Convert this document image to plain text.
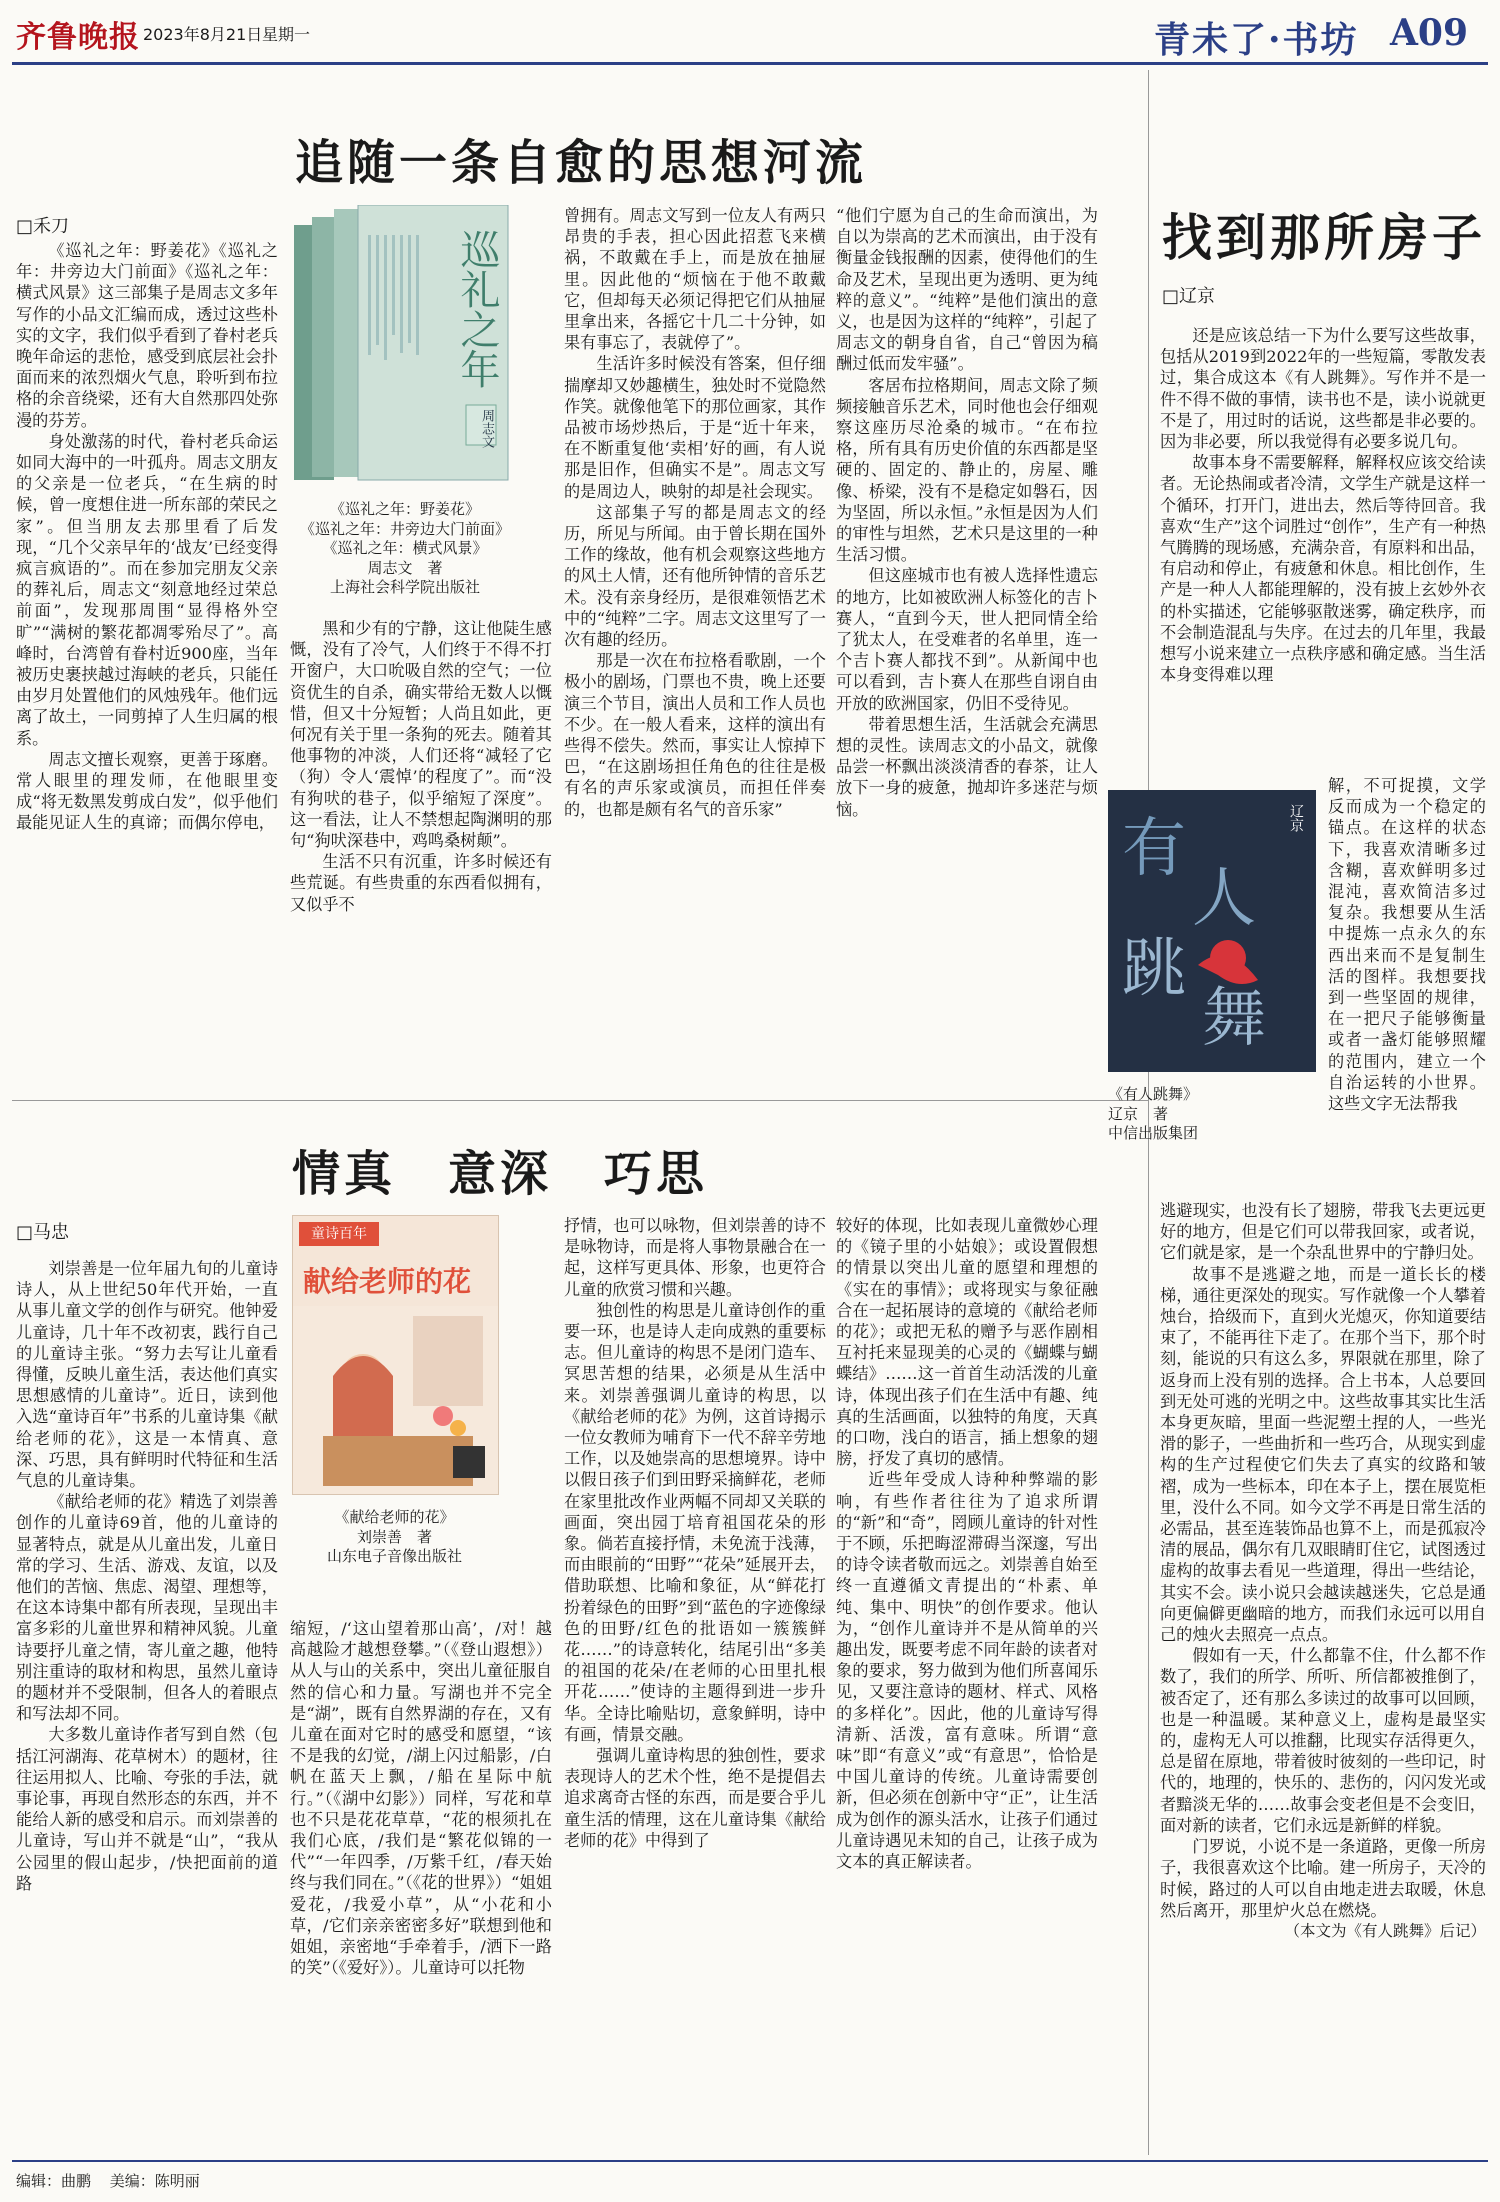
齐鲁晚报 2023年8月21日 星期一	青未了·书坊 A09
追随一条自愈的思想河流
□禾刀

《巡礼之年：野姜花》《巡礼之年：井旁边大门前面》《巡礼之年：横式风景》这三部集子是周志文多年写作的小品文汇编而成，透过这些朴实的文字，我们似乎看到了眷村老兵晚年命运的悲怆，感受到底层社会扑面而来的浓烈烟火气息，聆听到布拉格的余音绕梁，还有大自然那四处弥漫的芬芳。

身处激荡的时代，眷村老兵命运如同大海中的一叶孤舟。周志文朋友的父亲是一位老兵，“在生病的时候，曾一度想住进一所东部的荣民之家”。但当朋友去那里看了后发现，“几个父亲早年的‘战友’已经变得疯言疯语的”。而在参加完朋友父亲的葬礼后，周志文“刻意地经过荣总前面”，发现那周围“显得格外空旷”“满树的繁花都凋零殆尽了”。高峰时，台湾曾有眷村近900座，当年被历史裹挟越过海峡的老兵，只能任由岁月处置他们的风烛残年。他们远离了故土，一同剪掉了人生归属的根系。

周志文擅长观察，更善于琢磨。常人眼里的理发师，在他眼里变成“将无数黑发剪成白发”，似乎他们最能见证人生的真谛；而偶尔停电，

巡礼之年
周志文
《巡礼之年：野姜花》
《巡礼之年：井旁边大门前面》
《巡礼之年：横式风景》
周志文　著
上海社会科学院出版社

黑和少有的宁静，这让他陡生感慨，没有了冷气，人们终于不得不打开窗户，大口吮吸自然的空气；一位资优生的自杀，确实带给无数人以慨惜，但又十分短暂；人尚且如此，更何况有关于里一条狗的死去。随着其他事物的冲淡，人们还将“减轻了它（狗）令人‘震悼’的程度了”。而“没有狗吠的巷子，似乎缩短了深度”。这一看法，让人不禁想起陶渊明的那句“狗吠深巷中，鸡鸣桑树颠”。

生活不只有沉重，许多时候还有些荒诞。有些贵重的东西看似拥有，又似乎不

曾拥有。周志文写到一位友人有两只昂贵的手表，担心因此招惹飞来横祸，不敢戴在手上，而是放在抽屉里。因此他的“烦恼在于他不敢戴它，但却每天必须记得把它们从抽屉里拿出来，各摇它十几二十分钟，如果有事忘了，表就停了”。

生活许多时候没有答案，但仔细揣摩却又妙趣横生，独处时不觉隐然作笑。就像他笔下的那位画家，其作品被市场炒热后，于是“近十年来，在不断重复他‘卖相’好的画，有人说那是旧作，但确实不是”。周志文写的是周边人，映射的却是社会现实。

这部集子写的都是周志文的经历，所见与所闻。由于曾长期在国外工作的缘故，他有机会观察这些地方的风土人情，还有他所钟情的音乐艺术。没有亲身经历，是很难领悟艺术中的“纯粹”二字。周志文这里写了一次有趣的经历。

那是一次在布拉格看歌剧，一个极小的剧场，门票也不贵，晚上还要演三个节目，演出人员和工作人员也不少。在一般人看来，这样的演出有些得不偿失。然而，事实让人惊掉下巴，“在这剧场担任角色的往往是极有名的声乐家或演员，而担任伴奏的，也都是颇有名气的音乐家”

“他们宁愿为自己的生命而演出，为自以为崇高的艺术而演出，由于没有衡量金钱报酬的因素，使得他们的生命及艺术，呈现出更为透明、更为纯粹的意义”。“纯粹”是他们演出的意义，也是因为这样的“纯粹”，引起了周志文的朝身自省，自己“曾因为稿酬过低而发牢骚”。

客居布拉格期间，周志文除了频频接触音乐艺术，同时他也会仔细观察这座历尽沧桑的城市。“在布拉格，所有具有历史价值的东西都是坚硬的、固定的、静止的，房屋、雕像、桥梁，没有不是稳定如磐石，因为坚固，所以永恒。”永恒是因为人们的审性与坦然，艺术只是这里的一种生活习惯。

但这座城市也有被人选择性遗忘的地方，比如被欧洲人标签化的吉卜赛人，“直到今天，世人把同情全给了犹太人，在受难者的名单里，连一个吉卜赛人都找不到”。从新闻中也可以看到，吉卜赛人在那些自诩自由开放的欧洲国家，仍旧不受待见。

带着思想生活，生活就会充满思想的灵性。读周志文的小品文，就像品尝一杯飘出淡淡清香的春茶，让人放下一身的疲惫，抛却许多迷茫与烦恼。

情真　意深　巧思
□马忠

刘崇善是一位年届九旬的儿童诗诗人，从上世纪50年代开始，一直从事儿童文学的创作与研究。他钟爱儿童诗，几十年不改初衷，践行自己的儿童诗主张。“努力去写让儿童看得懂，反映儿童生活，表达他们真实思想感情的儿童诗”。近日，读到他入选“童诗百年”书系的儿童诗集《献给老师的花》，这是一本情真、意深、巧思，具有鲜明时代特征和生活气息的儿童诗集。

《献给老师的花》精选了刘崇善创作的儿童诗69首，他的儿童诗的显著特点，就是从儿童出发，儿童日常的学习、生活、游戏、友谊，以及他们的苦恼、焦虑、渴望、理想等，在这本诗集中都有所表现，呈现出丰富多彩的儿童世界和精神风貌。儿童诗要抒儿童之情，寄儿童之趣，他特别注重诗的取材和构思，虽然儿童诗的题材并不受限制，但各人的着眼点和写法却不同。

大多数儿童诗作者写到自然（包括江河湖海、花草树木）的题材，往往运用拟人、比喻、夸张的手法，就事论事，再现自然形态的东西，并不能给人新的感受和启示。而刘崇善的儿童诗，写山并不就是“山”，“我从公园里的假山起步，/快把面前的道路

童诗百年
献给老师的花
《献给老师的花》
刘崇善　著
山东电子音像出版社

缩短，/‘这山望着那山高’，/对！越高越险才越想登攀。”（《登山遐想》）从人与山的关系中，突出儿童征服自然的信心和力量。写湖也并不完全是“湖”，既有自然界湖的存在，又有儿童在面对它时的感受和愿望，“该不是我的幻觉，/湖上闪过船影，/白帆在蓝天上飘，/船在星际中航行。”（《湖中幻影》）同样，写花和草也不只是花花草草，“花的根须扎在我们心底，/我们是“繁花似锦的一代”“一年四季，/万紫千红，/春天始终与我们同在。”（《花的世界》）“姐姐爱花，/我爱小草”，从“小花和小草，/它们亲亲密密多好”联想到他和姐姐，亲密地“手牵着手，/洒下一路的笑”（《爱好》）。儿童诗可以托物

抒情，也可以咏物，但刘崇善的诗不是咏物诗，而是将人事物景融合在一起，这样写更具体、形象，也更符合儿童的欣赏习惯和兴趣。

独创性的构思是儿童诗创作的重要一环，也是诗人走向成熟的重要标志。但儿童诗的构思不是闭门造车、冥思苦想的结果，必须是从生活中来。刘崇善强调儿童诗的构思，以《献给老师的花》为例，这首诗揭示一位女教师为哺育下一代不辞辛劳地工作，以及她崇高的思想境界。诗中以假日孩子们到田野采摘鲜花，老师在家里批改作业两幅不同却又关联的画面，突出园丁培育祖国花朵的形象。倘若直接抒情，未免流于浅薄，而由眼前的“田野”“花朵”延展开去，借助联想、比喻和象征，从“鲜花打扮着绿色的田野”到“蓝色的字迹像绿色的田野/红色的批语如一簇簇鲜花……”的诗意转化，结尾引出“多美的祖国的花朵/在老师的心田里扎根开花……”使诗的主题得到进一步升华。全诗比喻贴切，意象鲜明，诗中有画，情景交融。

强调儿童诗构思的独创性，要求表现诗人的艺术个性，绝不是提倡去追求离奇古怪的东西，而是要合乎儿童生活的情理，这在儿童诗集《献给老师的花》中得到了

较好的体现，比如表现儿童微妙心理的《镜子里的小姑娘》；或设置假想的情景以突出儿童的愿望和理想的《实在的事情》；或将现实与象征融合在一起拓展诗的意境的《献给老师的花》；或把无私的赠予与恶作剧相互衬托来显现美的心灵的《蝴蝶与蝴蝶结》……这一首首生动活泼的儿童诗，体现出孩子们在生活中有趣、纯真的生活画面，以独特的角度，天真的口吻，浅白的语言，插上想象的翅膀，抒发了真切的感情。

近些年受成人诗种种弊端的影响，有些作者往往为了追求所谓的“新”和“奇”，罔顾儿童诗的针对性于不顾，乐把晦涩滞碍当深邃，写出的诗令读者敬而远之。刘崇善自始至终一直遵循文青提出的“朴素、单纯、集中、明快”的创作要求。他认为，“创作儿童诗并不是从简单的兴趣出发，既要考虑不同年龄的读者对象的要求，努力做到为他们所喜闻乐见，又要注意诗的题材、样式、风格的多样化”。因此，他的儿童诗写得清新、活泼，富有意味。所谓“意味”即“有意义”或“有意思”，恰恰是中国儿童诗的传统。儿童诗需要创新，但必须在创新中守“正”，让生活成为创作的源头活水，让孩子们通过儿童诗遇见未知的自己，让孩子成为文本的真正解读者。

找到那所房子
□辽京

还是应该总结一下为什么要写这些故事，包括从2019到2022年的一些短篇，零散发表过，集合成这本《有人跳舞》。写作并不是一件不得不做的事情，读书也不是，读小说就更不是了，用过时的话说，这些都是非必要的。因为非必要，所以我觉得有必要多说几句。

故事本身不需要解释，解释权应该交给读者。无论热闹或者冷清，文学生产就是这样一个循环，打开门，进出去，然后等待回音。我喜欢“生产”这个词胜过“创作”，生产有一种热气腾腾的现场感，充满杂音，有原料和出品，有启动和停止，有疲惫和休息。相比创作，生产是一种人人都能理解的，没有披上玄妙外衣的朴实描述，它能够驱散迷雾，确定秩序，而不会制造混乱与失序。在过去的几年里，我最想写小说来建立一点秩序感和确定感。当生活本身变得难以理

有
人
跳
舞
辽京
《有人跳舞》
辽京　著
中信出版集团

解，不可捉摸，文学反而成为一个稳定的锚点。在这样的状态下，我喜欢清晰多过含糊，喜欢鲜明多过混沌，喜欢简洁多过复杂。我想要从生活中提炼一点永久的东西出来而不是复制生活的图样。我想要找到一些坚固的规律，在一把尺子能够衡量或者一盏灯能够照耀的范围内，建立一个自治运转的小世界。这些文字无法帮我

逃避现实，也没有长了翅膀，带我飞去更远更好的地方，但是它们可以带我回家，或者说，它们就是家，是一个杂乱世界中的宁静归处。

故事不是逃避之地，而是一道长长的楼梯，通往更深处的现实。写作就像一个人攀着烛台，拾级而下，直到火光熄灭，你知道要结束了，不能再往下走了。在那个当下，那个时刻，能说的只有这么多，界限就在那里，除了返身而上没有别的选择。合上书本，人总要回到无处可逃的光明之中。这些故事其实比生活本身更灰暗，里面一些泥塑土捏的人，一些光滑的影子，一些曲折和一些巧合，从现实到虚构的生产过程使它们失去了真实的纹路和皱褶，成为一些标本，印在本子上，摆在展览柜里，没什么不同。如今文学不再是日常生活的必需品，甚至连装饰品也算不上，而是孤寂冷清的展品，偶尔有几双眼睛盯住它，试图透过虚构的故事去看见一些道理，得出一些结论，其实不会。读小说只会越读越迷失，它总是通向更偏僻更幽暗的地方，而我们永远可以用自己的烛火去照亮一点点。

假如有一天，什么都靠不住，什么都不作数了，我们的所学、所听、所信都被推倒了，被否定了，还有那么多读过的故事可以回顾，也是一种温暖。某种意义上，虚构是最坚实的，虚构无人可以推翻，比现实存活得更久，总是留在原地，带着彼时彼刻的一些印记，时代的，地理的，快乐的、悲伤的，闪闪发光或者黯淡无华的……故事会变老但是不会变旧，面对新的读者，它们永远是新鲜的样貌。

门罗说，小说不是一条道路，更像一所房子，我很喜欢这个比喻。建一所房子，天冷的时候，路过的人可以自由地走进去取暖，休息然后离开，那里炉火总在燃烧。

（本文为《有人跳舞》后记）
编辑：曲鹏 美编：陈明丽
